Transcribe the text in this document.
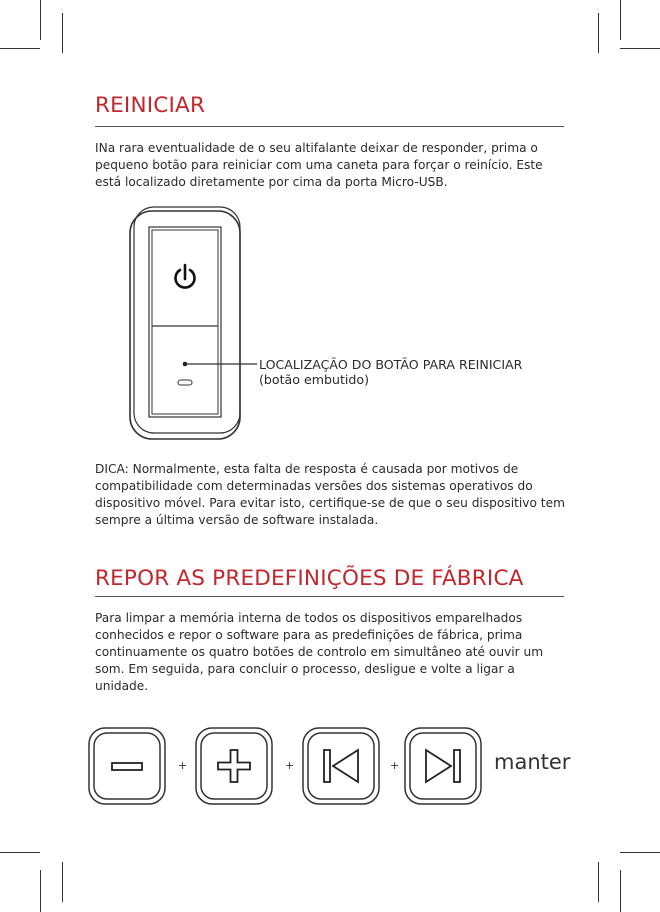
REINICIAR

INa rara eventualidade de o seu altifalante deixar de responder, prima o pequeno botão para reiniciar com uma caneta para forçar o reinício. Este está localizado diretamente por cima da porta Micro-USB.

LOCALIZAÇÃO DO BOTÃO PARA REINICIAR
(botão embutido)

DICA: Normalmente, esta falta de resposta é causada por motivos de compatibilidade com determinadas versões dos sistemas operativos do dispositivo móvel. Para evitar isto, certifique-se de que o seu dispositivo tem sempre a última versão de software instalada.

REPOR AS PREDEFINIÇÕES DE FÁBRICA

Para limpar a memória interna de todos os dispositivos emparelhados conhecidos e repor o software para as predefinições de fábrica, prima continuamente os quatro botões de controlo em simultâneo até ouvir um som. Em seguida, para concluir o processo, desligue e volte a ligar a unidade.

+	+	+	manter
